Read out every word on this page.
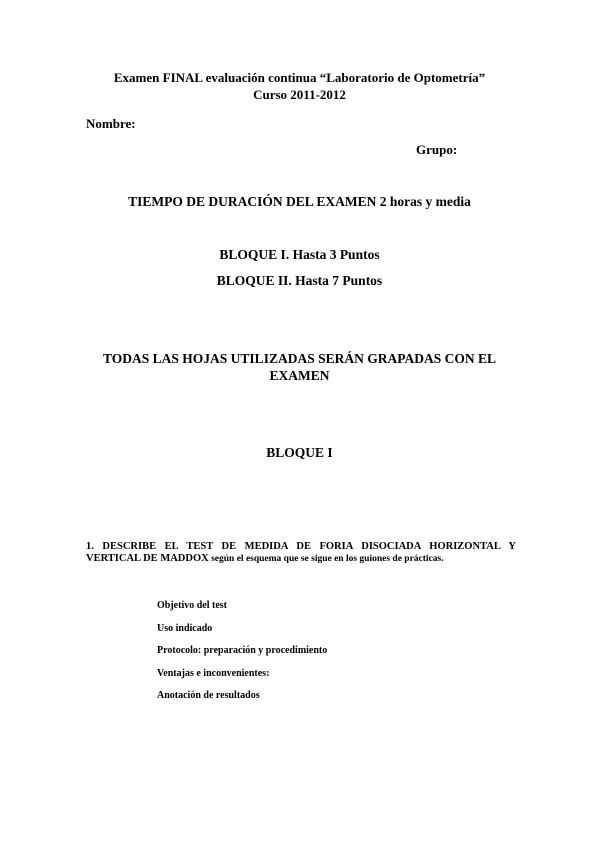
Examen FINAL evaluación continua “Laboratorio de Optometría”
Curso 2011-2012
Nombre:
Grupo:
TIEMPO DE DURACIÓN DEL EXAMEN 2 horas y media
BLOQUE I. Hasta 3 Puntos
BLOQUE II. Hasta 7 Puntos
TODAS LAS HOJAS UTILIZADAS SERÁN GRAPADAS CON EL
EXAMEN
BLOQUE I
1. DESCRIBE EL TEST DE MEDIDA DE FORIA DISOCIADA HORIZONTAL Y
VERTICAL DE MADDOX según el esquema que se sigue en los guiones de prácticas.
Objetivo del test
Uso indicado
Protocolo: preparación y procedimiento
Ventajas e inconvenientes:
Anotación de resultados
